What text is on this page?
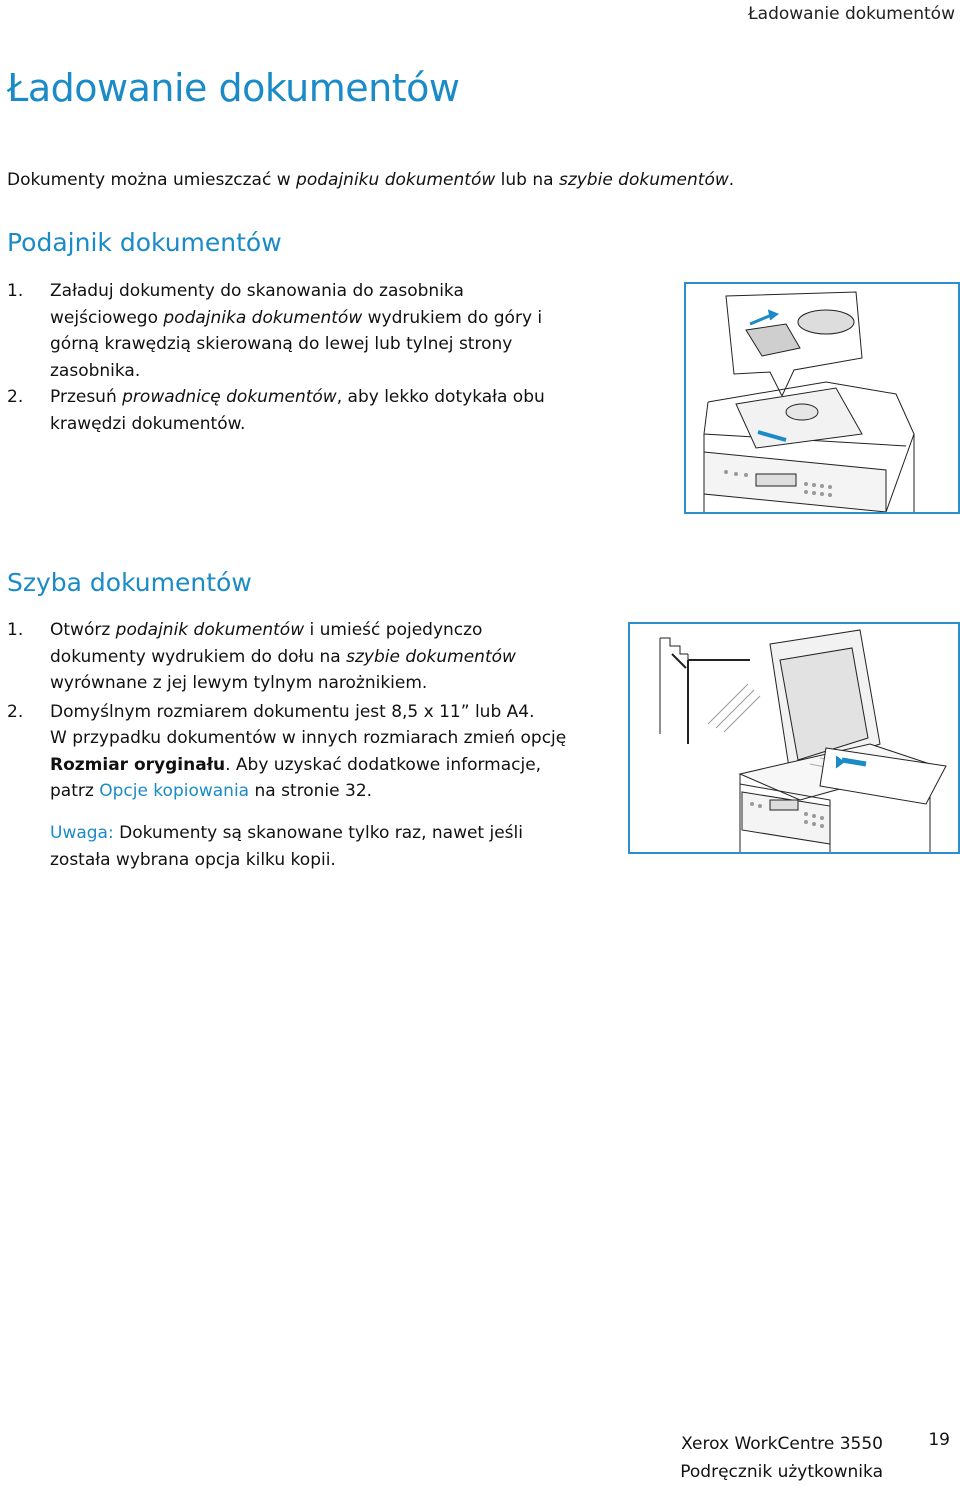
Ładowanie dokumentów
Ładowanie dokumentów
Dokumenty można umieszczać w podajniku dokumentów lub na szybie dokumentów.
Podajnik dokumentów
1. Załaduj dokumenty do skanowania do zasobnika
wejściowego podajnika dokumentów wydrukiem do góry i
górną krawędzią skierowaną do lewej lub tylnej strony
zasobnika.
2. Przesuń prowadnicę dokumentów, aby lekko dotykała obu
krawędzi dokumentów.
Szyba dokumentów
1. Otwórz podajnik dokumentów i umieść pojedynczo
dokumenty wydrukiem do dołu na szybie dokumentów
wyrównane z jej lewym tylnym narożnikiem.
2. Domyślnym rozmiarem dokumentu jest 8,5 x 11” lub A4.
W przypadku dokumentów w innych rozmiarach zmień opcję
Rozmiar oryginału. Aby uzyskać dodatkowe informacje,
patrz Opcje kopiowania na stronie 32.
Uwaga: Dokumenty są skanowane tylko raz, nawet jeśli
została wybrana opcja kilku kopii.
Xerox WorkCentre 3550
Podręcznik użytkownika
19
